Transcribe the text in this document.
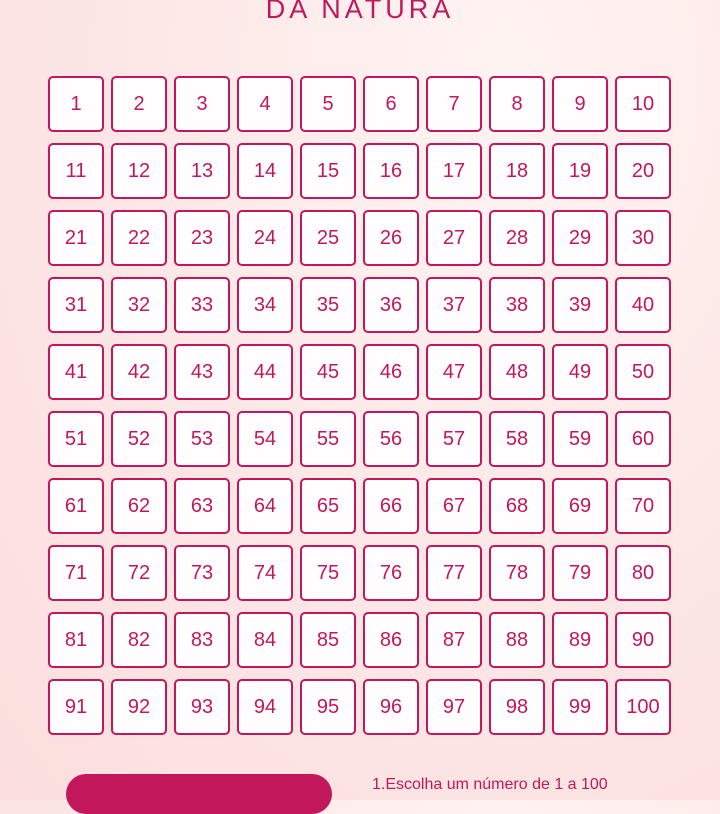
DA NATURA
1	2	3	4	5	6	7	8	9	10
11	12	13	14	15	16	17	18	19	20
21	22	23	24	25	26	27	28	29	30
31	32	33	34	35	36	37	38	39	40
41	42	43	44	45	46	47	48	49	50
51	52	53	54	55	56	57	58	59	60
61	62	63	64	65	66	67	68	69	70
71	72	73	74	75	76	77	78	79	80
81	82	83	84	85	86	87	88	89	90
91	92	93	94	95	96	97	98	99	100
1.Escolha um número de 1 a 100
